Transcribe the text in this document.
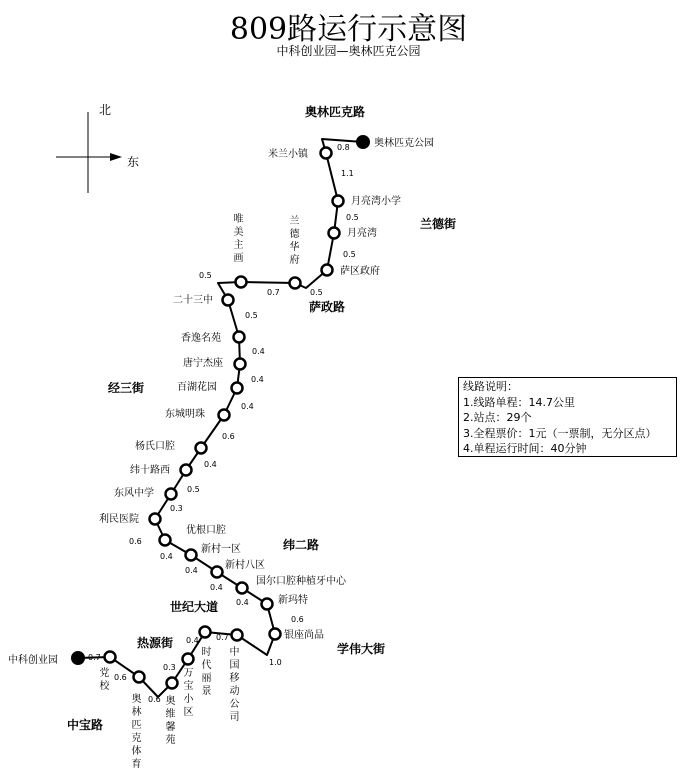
809路运行示意图
中科创业园—奥林匹克公园
北
东
中科创业园
党校
奥林匹克体育
奥维馨苑
万宝小区
时代丽景
中国移动公司
银座尚品
新玛特
国尔口腔种植牙中心
新村八区
新村一区
优根口腔
利民医院
东风中学
纬十路西
杨氏口腔
东城明珠
百湖花园
唐宁杰座
香逸名苑
二十三中
唯美主画
兰德华府
萨区政府
月亮湾
月亮湾小学
米兰小镇
奥林匹克公园
0.7
0.6
0.6
0.3
0.4 0.7
1.0
0.6
0.4
0.4
0.4
0.4
0.6
0.3
0.5
0.4
0.6
0.4
0.4
0.4
0.5
0.5
0.7	0.5
0.5
0.5
1.1
0.8
奥林匹克路
兰德街
萨政路
经三街
纬二路
世纪大道
热源街	学伟大街
中宝路
线路说明：
1.线路单程：14.7公里
2.站点：29个
3.全程票价：1元（一票制，无分区点）
4.单程运行时间：40分钟
